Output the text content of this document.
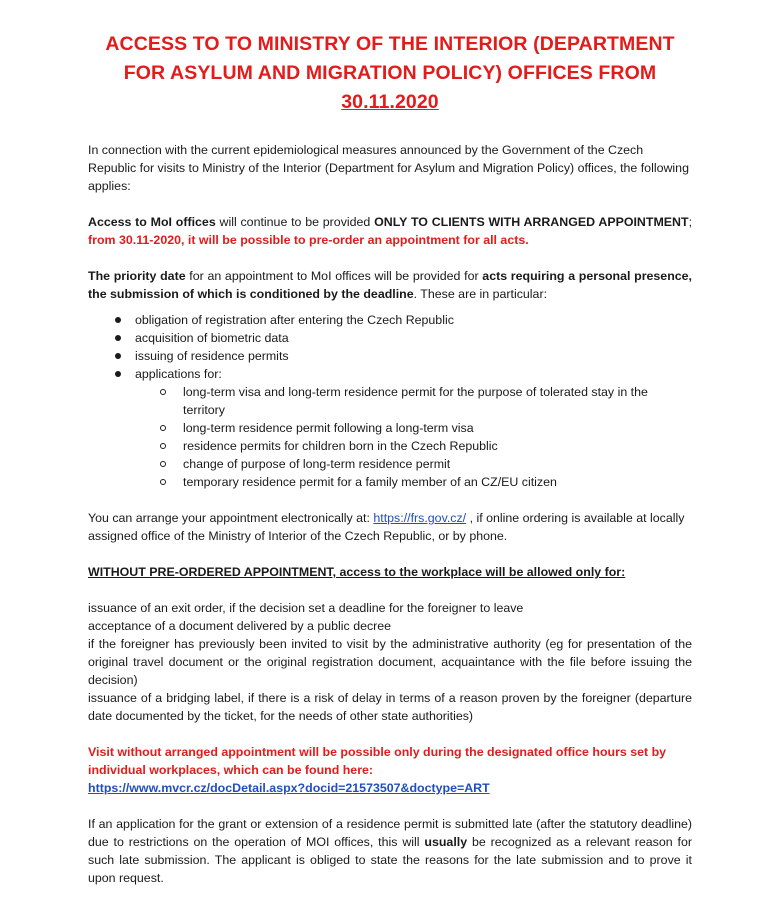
ACCESS TO TO MINISTRY OF THE INTERIOR (DEPARTMENT
FOR ASYLUM AND MIGRATION POLICY) OFFICES FROM
30.11.2020

In connection with the current epidemiological measures announced by the Government of the Czech Republic for visits to Ministry of the Interior (Department for Asylum and Migration Policy) offices, the following applies:

Access to MoI offices will continue to be provided ONLY TO CLIENTS WITH ARRANGED APPOINTMENT; from 30.11-2020, it will be possible to pre-order an appointment for all acts.

The priority date for an appointment to MoI offices will be provided for acts requiring a personal presence, the submission of which is conditioned by the deadline. These are in particular:

obligation of registration after entering the Czech Republic
acquisition of biometric data
issuing of residence permits
applications for:
long-term visa and long-term residence permit for the purpose of tolerated stay in the territory
long-term residence permit following a long-term visa
residence permits for children born in the Czech Republic
change of purpose of long-term residence permit
temporary residence permit for a family member of an CZ/EU citizen

You can arrange your appointment electronically at: https://frs.gov.cz/ , if online ordering is available at locally assigned office of the Ministry of Interior of the Czech Republic, or by phone.

WITHOUT PRE-ORDERED APPOINTMENT, access to the workplace will be allowed only for:

issuance of an exit order, if the decision set a deadline for the foreigner to leave

acceptance of a document delivered by a public decree

if the foreigner has previously been invited to visit by the administrative authority (eg for presentation of the original travel document or the original registration document, acquaintance with the file before issuing the decision)

issuance of a bridging label, if there is a risk of delay in terms of a reason proven by the foreigner (departure date documented by the ticket, for the needs of other state authorities)

Visit without arranged appointment will be possible only during the designated office hours set by individual workplaces, which can be found here:
https://www.mvcr.cz/docDetail.aspx?docid=21573507&doctype=ART

If an application for the grant or extension of a residence permit is submitted late (after the statutory deadline) due to restrictions on the operation of MOI offices, this will usually be recognized as a relevant reason for such late submission. The applicant is obliged to state the reasons for the late submission and to prove it upon request.
